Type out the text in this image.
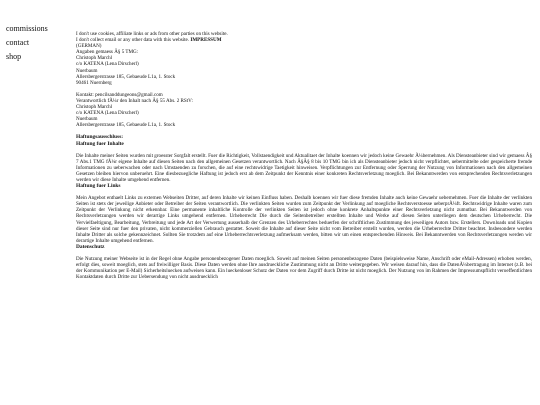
commissions
contact
shop

I don't use cookies, affiliate links or ads from other parties on this website.

I don't collect email or any other data with this website. IMPRESSUM

(GERMAN)

Angaben gemaess Â§ 5 TMG:

Christoph Marchl

c/o KATENA (Lena Dirscherl)

Nuerbaum

Allersbergerstrasse 185, Gebaeude L1a, 1. Stock

90461 Nuernberg

Kontakt: pencilsanddungeons@gmail.com

Verantwortlich fÃ¼r den Inhalt nach Â§ 55 Abs. 2 RStV:

Christoph Marchl

c/o KATENA (Lena Dirscherl)

Nuerbaum

Allersbergerstrasse 185, Gebaeude L1a, 1. Stock

Haftungsausschluss:

Haftung fuer Inhalte

Die Inhalte meiner Seiten wurden mit groesster Sorgfalt erstellt. Fuer die Richtigkeit, Vollstaendigkeit und Aktualitaet der Inhalte koennen wir jedoch keine Gewaehr Ã¼bernehmen. Als Diensteanbieter sind wir gemaess Â§ 7 Abs.1 TMG fÃ¼r eigene Inhalte auf diesen Seiten nach den allgemeinen Gesetzen verantwortlich. Nach Â§Â§ 8 bis 10 TMG bin ich als Diensteanbieter jedoch nicht verpflichtet, uebermittelte oder gespeicherte fremde Informationen zu ueberwachen oder nach Umstaenden zu forschen, die auf eine rechtswidrige Taetigkeit hinweisen. Verpflichtungen zur Entfernung oder Sperrung der Nutzung von Informationen nach den allgemeinen Gesetzen bleiben hiervon unberuehrt. Eine diesbezuegliche Haftung ist jedoch erst ab dem Zeitpunkt der Kenntnis einer konkreten Rechtsverletzung moeglich. Bei Bekanntwerden von entsprechenden Rechtsverletzungen werden wir diese Inhalte umgehend entfernen.

Haftung fuer Links

Mein Angebot enthaelt Links zu externen Webseiten Dritter, auf deren Inhalte wir keinen Einfluss haben. Deshalb koennen wir fuer diese fremden Inhalte auch keine Gewaehr uebernehmen. Fuer die Inhalte der verlinkten Seiten ist stets der jeweilige Anbieter oder Betreiber der Seiten verantwortlich. Die verlinkten Seiten wurden zum Zeitpunkt der Verlinkung auf moegliche Rechtsverstoesse ueberprÃ¼ft. Rechtswidrige Inhalte waren zum Zeitpunkt der Verlinkung nicht erkennbar. Eine permanente inhaltliche Kontrolle der verlinkten Seiten ist jedoch ohne konkrete Anhaltspunkte einer Rechtsverletzung nicht zumutbar. Bei Bekanntwerden von Rechtsverletzungen werden wir derartige Links umgehend entfernen. Urheberrecht Die durch die Seitenbetreiber erstellten Inhalte und Werke auf diesen Seiten unterliegen dem deutschen Urheberrecht. Die Vervielfaeltigung, Bearbeitung, Verbreitung und jede Art der Verwertung ausserhalb der Grenzen des Urheberrechtes beduerfen der schriftlichen Zustimmung des jeweiligen Autors bzw. Erstellers. Downloads und Kopien dieser Seite sind nur fuer den privaten, nicht kommerziellen Gebrauch gestattet. Soweit die Inhalte auf dieser Seite nicht vom Betreiber erstellt wurden, werden die Urheberrechte Dritter beachtet. Insbesondere werden Inhalte Dritter als solche gekennzeichnet. Sollten Sie trotzdem auf eine Urheberrechtsverletzung aufmerksam werden, bitten wir um einen entsprechenden Hinweis. Bei Bekanntwerden von Rechtsverletzungen werden wir derartige Inhalte umgehend entfernen.

Datenschutz

Die Nutzung meiner Webseite ist in der Regel ohne Angabe personenbezogener Daten moeglich. Soweit auf meinen Seiten personenbezogene Daten (beispielsweise Name, Anschrift oder eMail-Adressen) erhoben werden, erfolgt dies, soweit moeglich, stets auf freiwilliger Basis. Diese Daten werden ohne Ihre ausdrueckliche Zustimmung nicht an Dritte weitergegeben. Wir weisen darauf hin, dass die DatenÃ¼bertragung im Internet (z.B. bei der Kommunikation per E-Mail) Sicherheitsluecken aufweisen kann. Ein lueckenloser Schutz der Daten vor dem Zugriff durch Dritte ist nicht moeglich. Der Nutzung von im Rahmen der Impressumspflicht veroeffentlichten Kontaktdaten durch Dritte zur Uebersendung von nicht ausdruecklich
